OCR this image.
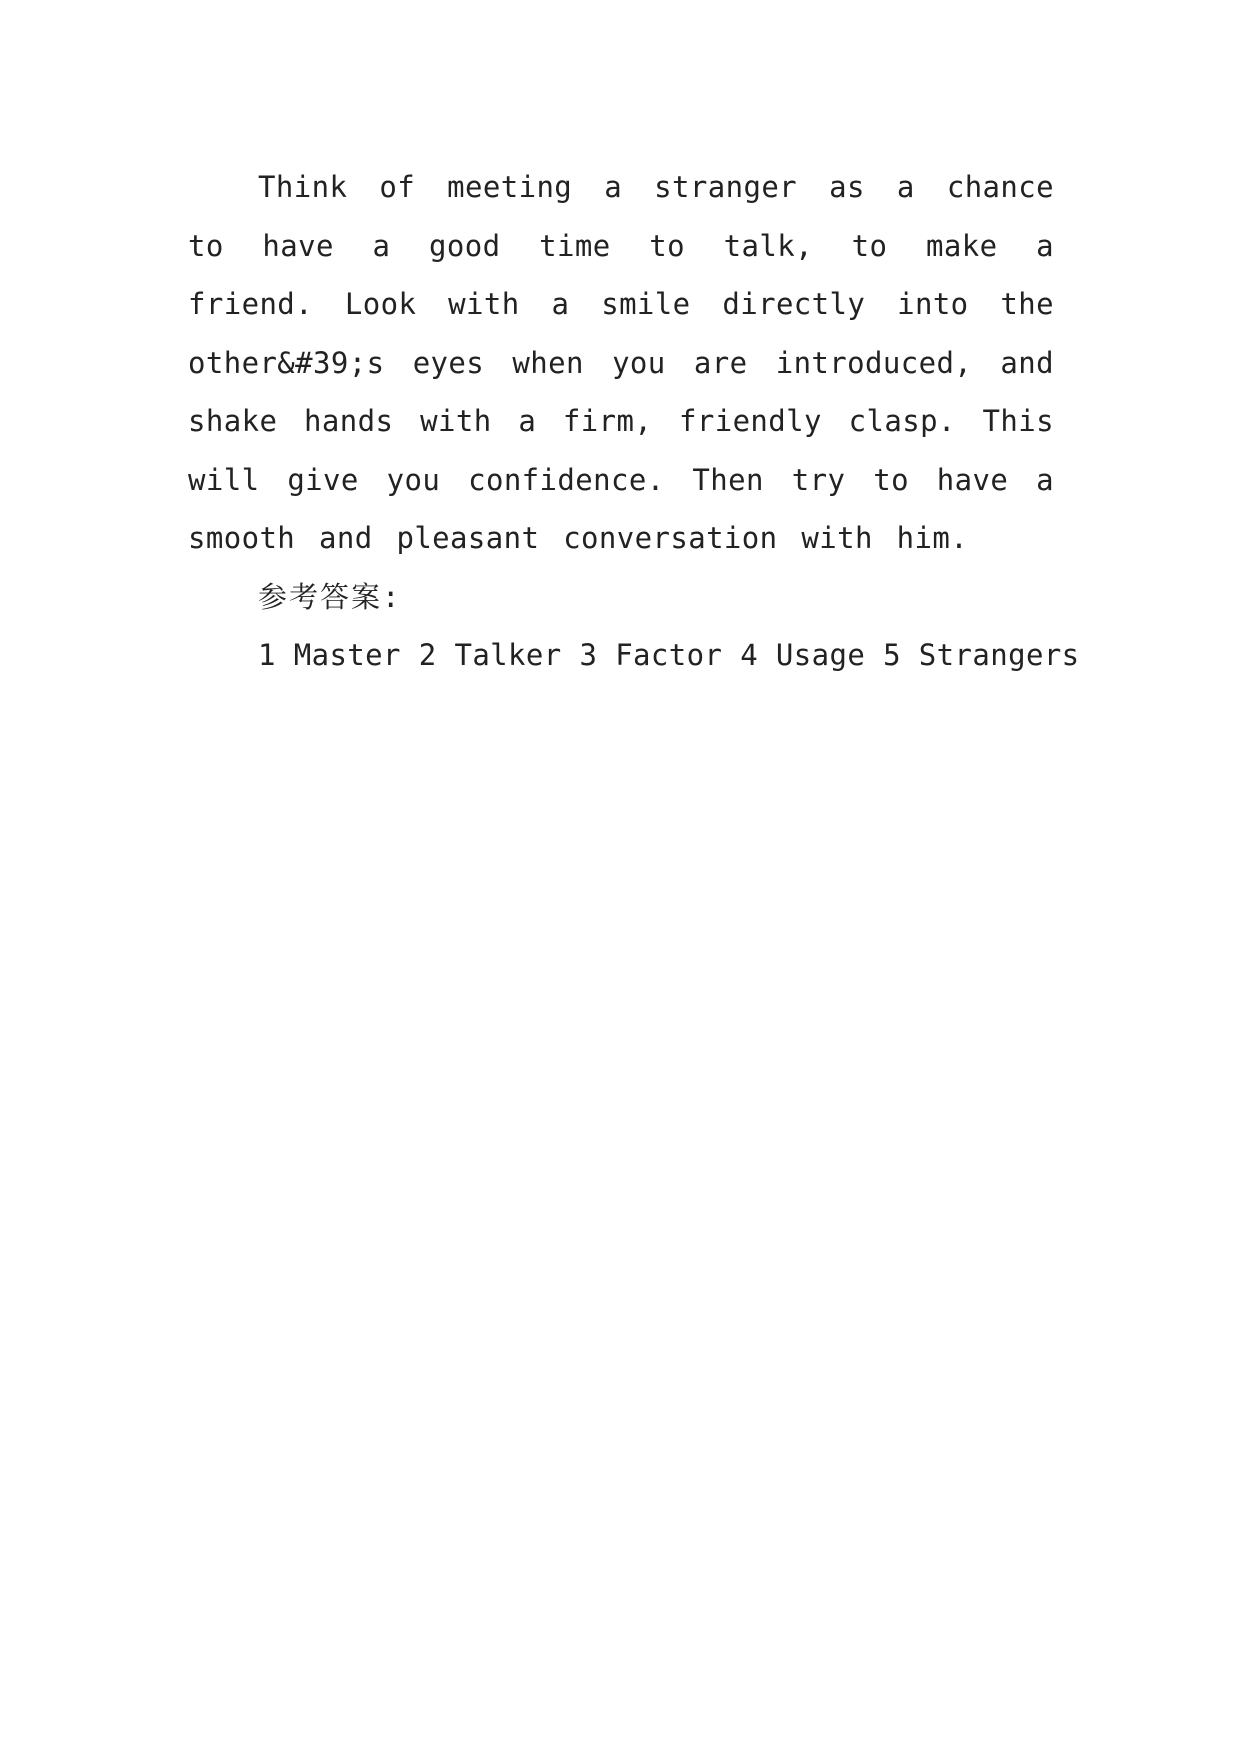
Think of meeting a stranger as a chance to have a good time to talk, to make a friend. Look with a smile directly into the other&#39;s eyes when you are introduced, and shake hands with a firm, friendly clasp. This will give you confidence. Then try to have a smooth and pleasant conversation with him.

参考答案:

1 Master 2 Talker 3 Factor 4 Usage 5 Strangers
